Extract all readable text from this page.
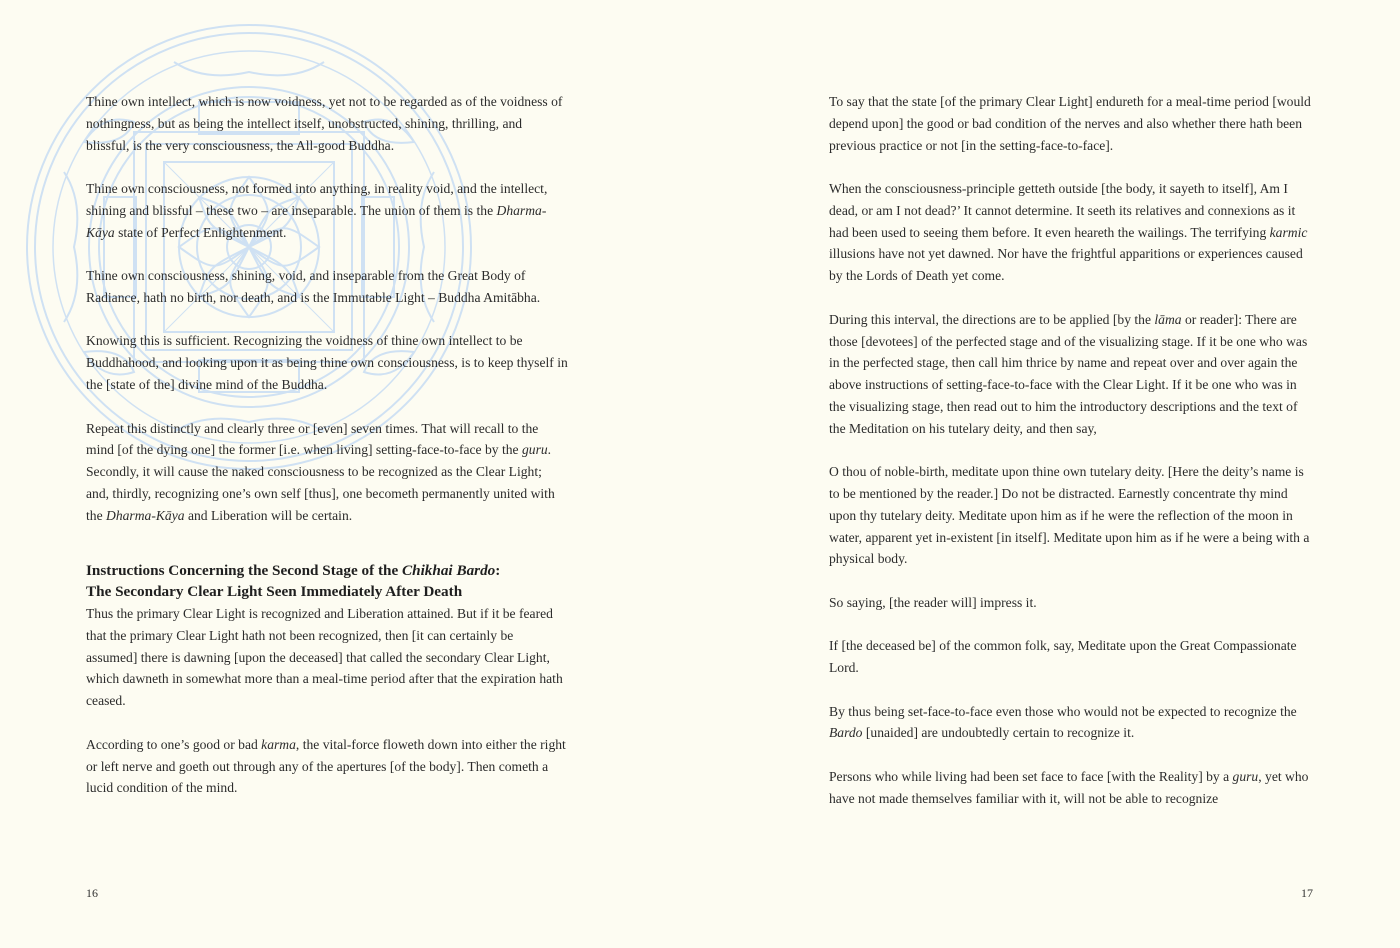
Thine own intellect, which is now voidness, yet not to be regarded as of the voidness of nothingness, but as being the intellect itself, unobstructed, shining, thrilling, and blissful, is the very consciousness, the All-good Buddha.

Thine own consciousness, not formed into anything, in reality void, and the intellect, shining and blissful – these two – are inseparable. The union of them is the Dharma-Kāya state of Perfect Enlightenment.

Thine own consciousness, shining, void, and inseparable from the Great Body of Radiance, hath no birth, nor death, and is the Immutable Light – Buddha Amitābha.

Knowing this is sufficient. Recognizing the voidness of thine own intellect to be Buddhahood, and looking upon it as being thine own consciousness, is to keep thyself in the [state of the] divine mind of the Buddha.

Repeat this distinctly and clearly three or [even] seven times. That will recall to the mind [of the dying one] the former [i.e. when living] setting-face-to-face by the guru. Secondly, it will cause the naked consciousness to be recognized as the Clear Light; and, thirdly, recognizing one’s own self [thus], one becometh permanently united with the Dharma-Kāya and Liberation will be certain.

Instructions Concerning the Second Stage of the Chikhai Bardo:
The Secondary Clear Light Seen Immediately After Death

Thus the primary Clear Light is recognized and Liberation attained. But if it be feared that the primary Clear Light hath not been recognized, then [it can certainly be assumed] there is dawning [upon the deceased] that called the secondary Clear Light, which dawneth in somewhat more than a meal-time period after that the expiration hath ceased.

According to one’s good or bad karma, the vital-force floweth down into either the right or left nerve and goeth out through any of the apertures [of the body]. Then cometh a lucid condition of the mind.

16

To say that the state [of the primary Clear Light] endureth for a meal-time period [would depend upon] the good or bad condition of the nerves and also whether there hath been previous practice or not [in the setting-face-to-face].

When the consciousness-principle getteth outside [the body, it sayeth to itself], Am I dead, or am I not dead?’ It cannot determine. It seeth its relatives and connexions as it had been used to seeing them before. It even heareth the wailings. The terrifying karmic illusions have not yet dawned. Nor have the frightful apparitions or experiences caused by the Lords of Death yet come.

During this interval, the directions are to be applied [by the lāma or reader]: There are those [devotees] of the perfected stage and of the visualizing stage. If it be one who was in the perfected stage, then call him thrice by name and repeat over and over again the above instructions of setting-face-to-face with the Clear Light. If it be one who was in the visualizing stage, then read out to him the introductory descriptions and the text of the Meditation on his tutelary deity, and then say,

O thou of noble-birth, meditate upon thine own tutelary deity. [Here the deity’s name is to be mentioned by the reader.] Do not be distracted. Earnestly concentrate thy mind upon thy tutelary deity. Meditate upon him as if he were the reflection of the moon in water, apparent yet in-existent [in itself]. Meditate upon him as if he were a being with a physical body.

So saying, [the reader will] impress it.

If [the deceased be] of the common folk, say, Meditate upon the Great Compassionate Lord.

By thus being set-face-to-face even those who would not be expected to recognize the Bardo [unaided] are undoubtedly certain to recognize it.

Persons who while living had been set face to face [with the Reality] by a guru, yet who have not made themselves familiar with it, will not be able to recognize

17
